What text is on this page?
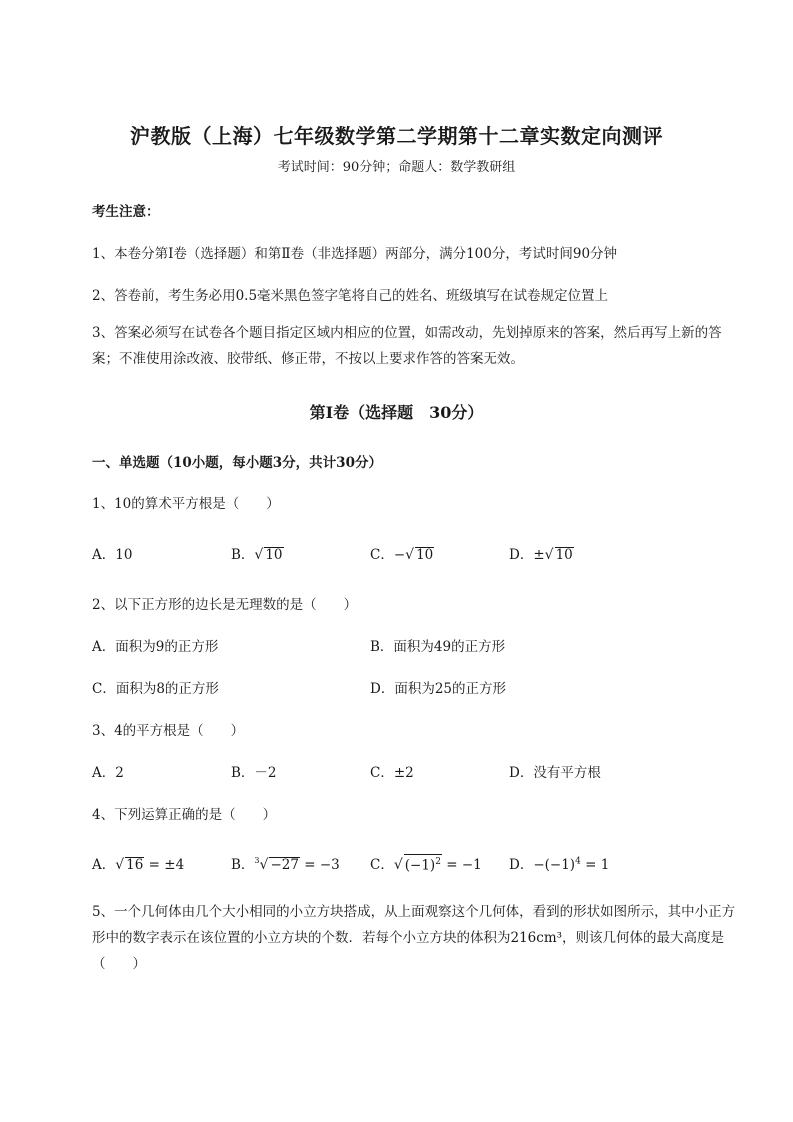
沪教版（上海）七年级数学第二学期第十二章实数定向测评
考试时间：90分钟；命题人：数学教研组
考生注意：
1、本卷分第I卷（选择题）和第Ⅱ卷（非选择题）两部分，满分100分，考试时间90分钟
2、答卷前，考生务必用0.5毫米黑色签字笔将自己的姓名、班级填写在试卷规定位置上
3、答案必须写在试卷各个题目指定区域内相应的位置，如需改动，先划掉原来的答案，然后再写上新的答案；不准使用涂改液、胶带纸、修正带，不按以上要求作答的答案无效。
第I卷（选择题　30分）
一、单选题（10小题，每小题3分，共计30分）
1、10的算术平方根是（　　）
A．10	B．√ 10	C．−√ 10	D．±√ 10
2、以下正方形的边长是无理数的是（　　）
A．面积为9的正方形	B．面积为49的正方形
C．面积为8的正方形	D．面积为25的正方形
3、4的平方根是（　　）
A．2	B．－2	C．±2	D．没有平方根
4、下列运算正确的是（　　）
A．√ 16 = ±4	B．$^3$√ −27 = −3 C．√ $(-1)^2 = -1$ D．$-(-1)^4 = 1$
5、一个几何体由几个大小相同的小立方块搭成，从上面观察这个几何体，看到的形状如图所示，其中小正方形中的数字表示在该位置的小立方块的个数．若每个小立方块的体积为216cm³，则该几何体的最大高度是（　　）
